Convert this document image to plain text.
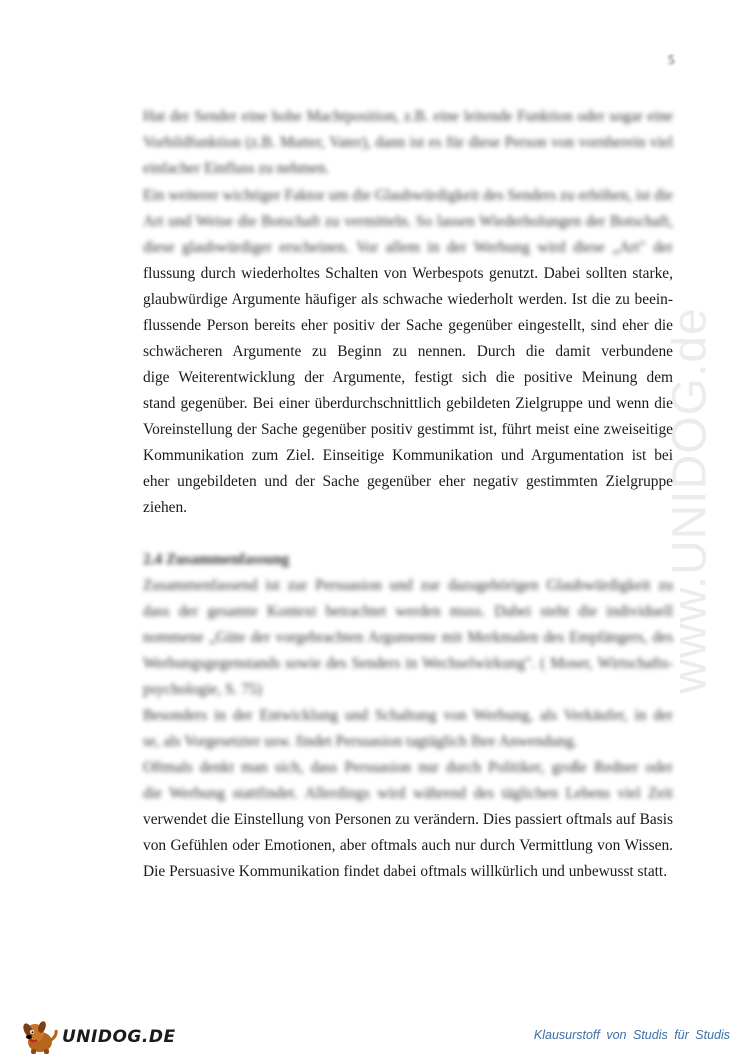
5
www.UNIDOG.de
Hat der Sender eine hohe Machtposition, z.B. eine leitende Funktion oder sogar eine
Vorbildfunktion (z.B. Mutter, Vater), dann ist es für diese Person von vornherein viel
einfacher Einfluss zu nehmen.
Ein weiterer wichtiger Faktor um die Glaubwürdigkeit des Senders zu erhöhen, ist die
Art und Weise die Botschaft zu vermitteln. So lassen Wiederholungen der Botschaft,
diese glaubwürdiger erscheinen. Vor allem in der Werbung wird diese „Art" der
flussung durch wiederholtes Schalten von Werbespots genutzt. Dabei sollten starke,
glaubwürdige Argumente häufiger als schwache wiederholt werden. Ist die zu beein-
flussende Person bereits eher positiv der Sache gegenüber eingestellt, sind eher die
schwächeren Argumente zu Beginn zu nennen. Durch die damit verbundene
dige Weiterentwicklung der Argumente, festigt sich die positive Meinung dem
stand gegenüber. Bei einer überdurchschnittlich gebildeten Zielgruppe und wenn die
Voreinstellung der Sache gegenüber positiv gestimmt ist, führt meist eine zweiseitige
Kommunikation zum Ziel. Einseitige Kommunikation und Argumentation ist bei
eher ungebildeten und der Sache gegenüber eher negativ gestimmten Zielgruppe
ziehen.
2.4 Zusammenfassung
Zusammenfassend ist zur Persuasion und zur dazugehörigen Glaubwürdigkeit zu
dass der gesamte Kontext betrachtet werden muss. Dabei steht die individuell
nommene „Güte der vorgebrachten Argumente mit Merkmalen des Empfängers, des
Werbungsgegenstands sowie des Senders in Wechselwirkung". ( Moser, Wirtschafts-
psychologie, S. 75)
Besonders in der Entwicklung und Schaltung von Werbung, als Verkäufer, in der
se, als Vorgesetzter usw. findet Persuasion tagtäglich Ihre Anwendung.
Oftmals denkt man sich, dass Persuasion nur durch Politiker, große Redner oder
die Werbung stattfindet. Allerdings wird während des täglichen Lebens viel Zeit
verwendet die Einstellung von Personen zu verändern. Dies passiert oftmals auf Basis
von Gefühlen oder Emotionen, aber oftmals auch nur durch Vermittlung von Wissen.
Die Persuasive Kommunikation findet dabei oftmals willkürlich und unbewusst statt.
UNIDOG.DE	Klausurstoff von Studis für Studis
